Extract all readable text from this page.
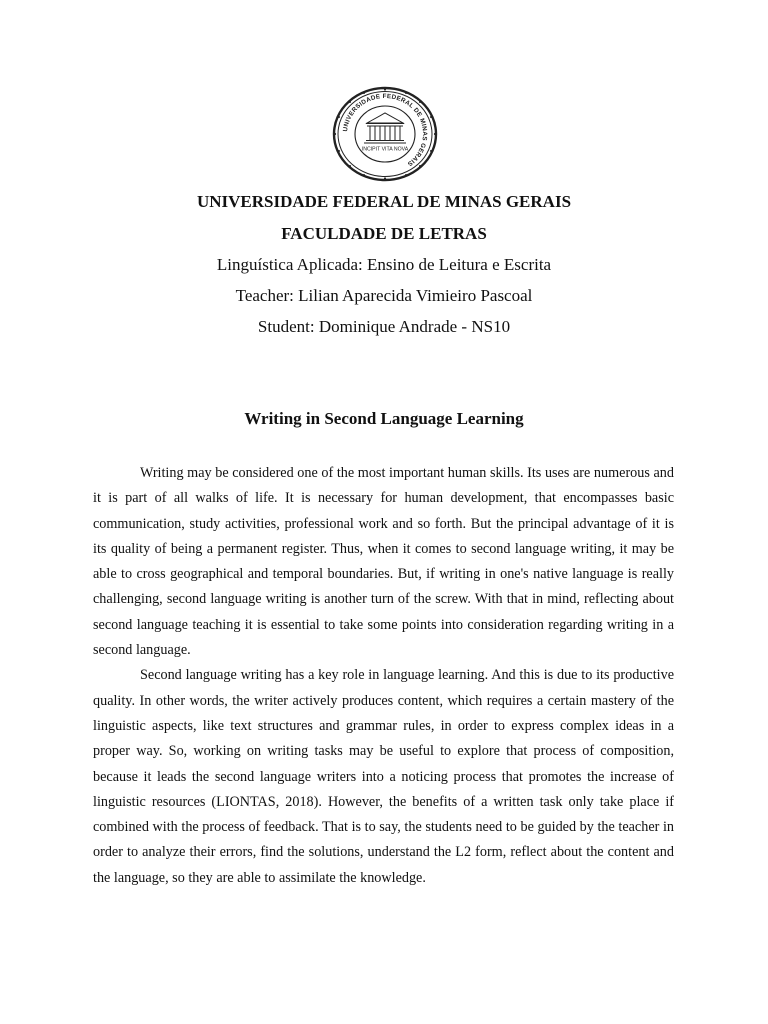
UNIVERSIDADE FEDERAL DE MINAS GERAIS
INCIPIT VITA NOVA

UNIVERSIDADE FEDERAL DE MINAS GERAIS

FACULDADE DE LETRAS

Linguística Aplicada: Ensino de Leitura e Escrita

Teacher: Lilian Aparecida Vimieiro Pascoal

Student: Dominique Andrade - NS10

Writing in Second Language Learning

Writing may be considered one of the most important human skills. Its uses are numerous and it is part of all walks of life. It is necessary for human development, that encompasses basic communication, study activities, professional work and so forth. But the principal advantage of it is its quality of being a permanent register. Thus, when it comes to second language writing, it may be able to cross geographical and temporal boundaries. But, if writing in one's native language is really challenging, second language writing is another turn of the screw. With that in mind, reflecting about second language teaching it is essential to take some points into consideration regarding writing in a second language.

Second language writing has a key role in language learning. And this is due to its productive quality. In other words, the writer actively produces content, which requires a certain mastery of the linguistic aspects, like text structures and grammar rules, in order to express complex ideas in a proper way. So, working on writing tasks may be useful to explore that process of composition, because it leads the second language writers into a noticing process that promotes the increase of linguistic resources (LIONTAS, 2018). However, the benefits of a written task only take place if combined with the process of feedback. That is to say, the students need to be guided by the teacher in order to analyze their errors, find the solutions, understand the L2 form, reflect about the content and the language, so they are able to assimilate the knowledge.
